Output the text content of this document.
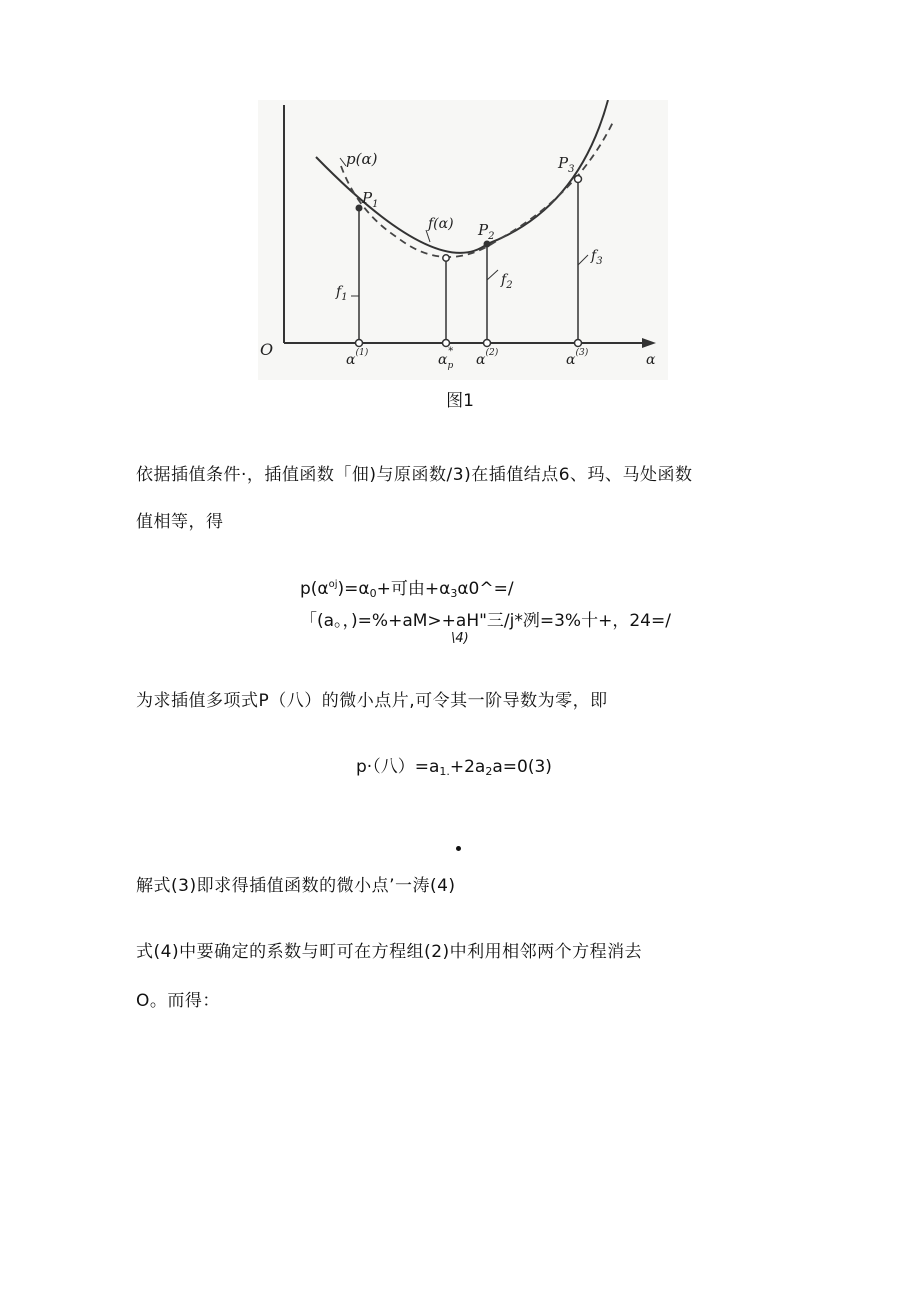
p(α)
f(α)
$P_1$
$P_2$
$P_3$
$f_1$
$f_2$
$f_3$
O
$\alpha^{(1)}$	$\alpha_p*$
$\alpha^{(2)}$	$\alpha^{(3)}$	α
图1
依据插值条件·，插值函数「佃)与原函数/3)在插值结点6、玛、马处函数
值相等，得
$p(\alpha^{oj})=\alpha_0+$可由$+\alpha_3\alpha 0\^{}=/$
「(a。，)=%+aM>+aH"三∕j*冽=3%十+，24=/
\4)
为求插值多项式P（八）的微小点片,可令其一阶导数为零，即
p·（八）$=a_{1.}+2a_2a=0(3)$
解式(3)即求得插值函数的微小点’一涛(4)
式(4)中要确定的系数与町可在方程组(2)中利用相邻两个方程消去
O。而得：
